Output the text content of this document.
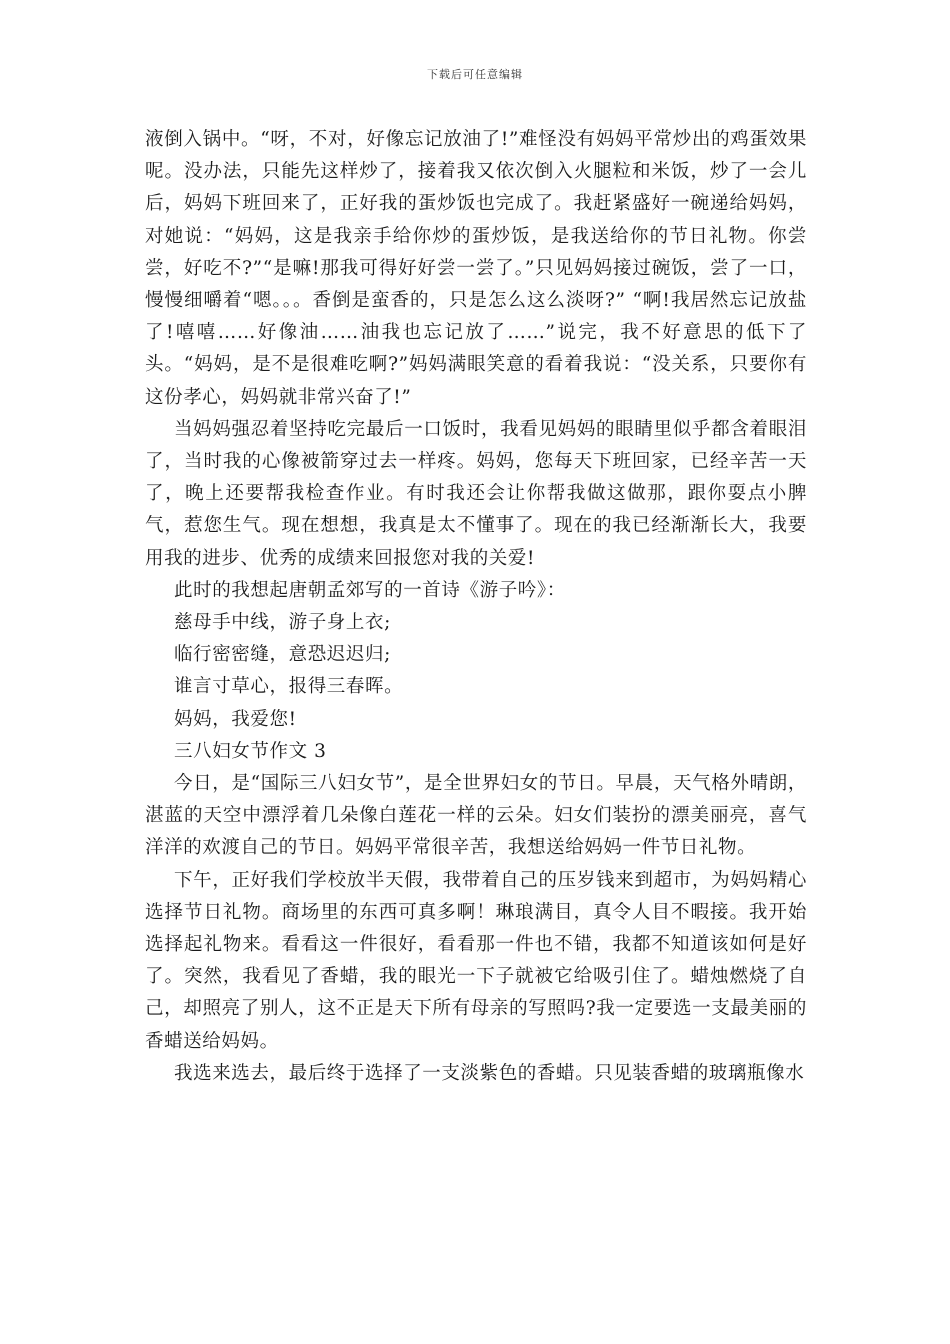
下载后可任意编辑

液倒入锅中。“呀，不对，好像忘记放油了!”难怪没有妈妈平常炒出的鸡蛋效果呢。没办法，只能先这样炒了，接着我又依次倒入火腿粒和米饭，炒了一会儿后，妈妈下班回来了，正好我的蛋炒饭也完成了。我赶紧盛好一碗递给妈妈，对她说：“妈妈，这是我亲手给你炒的蛋炒饭，是我送给你的节日礼物。你尝尝，好吃不?”“是嘛!那我可得好好尝一尝了。”只见妈妈接过碗饭，尝了一口，慢慢细嚼着“嗯。。。香倒是蛮香的，只是怎么这么淡呀?” “啊!我居然忘记放盐了!嘻嘻……好像油……油我也忘记放了……”说完，我不好意思的低下了头。“妈妈，是不是很难吃啊?”妈妈满眼笑意的看着我说：“没关系，只要你有这份孝心，妈妈就非常兴奋了!”

当妈妈强忍着坚持吃完最后一口饭时，我看见妈妈的眼睛里似乎都含着眼泪了，当时我的心像被箭穿过去一样疼。妈妈，您每天下班回家，已经辛苦一天了，晚上还要帮我检查作业。有时我还会让你帮我做这做那，跟你耍点小脾气，惹您生气。现在想想，我真是太不懂事了。现在的我已经渐渐长大，我要用我的进步、优秀的成绩来回报您对我的关爱!

此时的我想起唐朝孟郊写的一首诗《游子吟》：

慈母手中线，游子身上衣;

临行密密缝，意恐迟迟归;

谁言寸草心，报得三春晖。

妈妈，我爱您!

三八妇女节作文 3

今日，是“国际三八妇女节”，是全世界妇女的节日。早晨，天气格外晴朗，湛蓝的天空中漂浮着几朵像白莲花一样的云朵。妇女们装扮的漂美丽亮，喜气洋洋的欢渡自己的节日。妈妈平常很辛苦，我想送给妈妈一件节日礼物。

下午，正好我们学校放半天假，我带着自己的压岁钱来到超市，为妈妈精心选择节日礼物。商场里的东西可真多啊！琳琅满目，真令人目不暇接。我开始选择起礼物来。看看这一件很好，看看那一件也不错，我都不知道该如何是好了。突然，我看见了香蜡，我的眼光一下子就被它给吸引住了。蜡烛燃烧了自己，却照亮了别人，这不正是天下所有母亲的写照吗?我一定要选一支最美丽的香蜡送给妈妈。

我选来选去，最后终于选择了一支淡紫色的香蜡。只见装香蜡的玻璃瓶像水
